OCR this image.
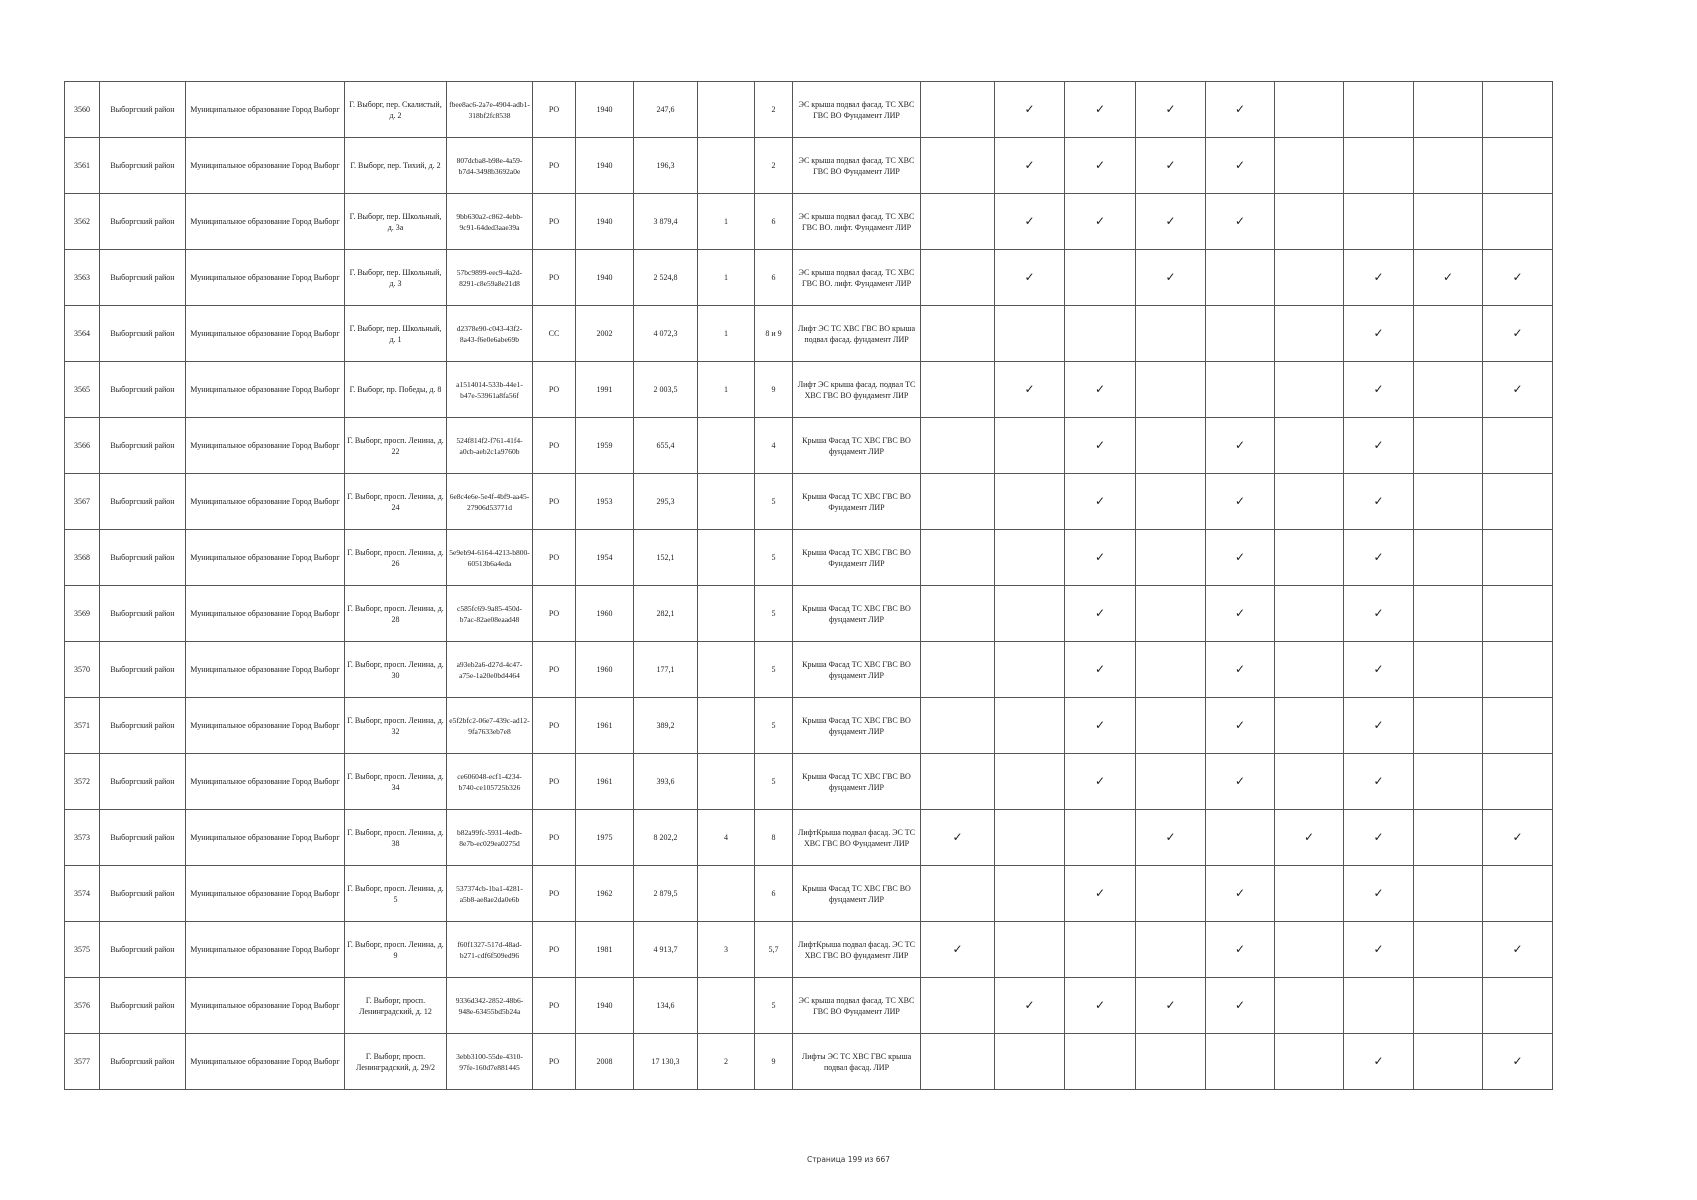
3560	Выборгский район	Муниципальное образование Город Выборг	Г. Выборг, пер. Скалистый, д. 2	fbee8ac6-2a7e-4904-adb1-318bf2fc8538	РО	1940	247,6		2	ЭС крыша подвал фасад. ТС ХВС ГВС ВО Фундамент ЛИР		✓	✓	✓	✓				
3561	Выборгский район	Муниципальное образование Город Выборг	Г. Выборг, пер. Тихий, д. 2	807dcba8-b98e-4a59-b7d4-3498b3692a0e	РО	1940	196,3		2	ЭС крыша подвал фасад. ТС ХВС ГВС ВО Фундамент ЛИР		✓	✓	✓	✓				
3562	Выборгский район	Муниципальное образование Город Выборг	Г. Выборг, пер. Школьный, д. 3а	9bb630a2-c862-4ebb-9c91-64ded3aae39a	РО	1940	3 879,4	1	6	ЭС крыша подвал фасад. ТС ХВС ГВС ВО. лифт. Фундамент ЛИР		✓	✓	✓	✓				
3563	Выборгский район	Муниципальное образование Город Выборг	Г. Выборг, пер. Школьный, д. 3	57bc9899-eec9-4a2d-8291-c8e59a8e21d8	РО	1940	2 524,8	1	6	ЭС крыша подвал фасад. ТС ХВС ГВС ВО. лифт. Фундамент ЛИР		✓		✓			✓	✓	✓
3564	Выборгский район	Муниципальное образование Город Выборг	Г. Выборг, пер. Школьный, д. 1	d2378e90-c043-43f2-8a43-f6e0e6abe69b	СС	2002	4 072,3	1	8 и 9	Лифт ЭС ТС ХВС ГВС ВО крыша подвал фасад. фундамент ЛИР							✓		✓
3565	Выборгский район	Муниципальное образование Город Выборг	Г. Выборг, пр. Победы, д. 8	a1514014-533b-44e1-b47e-53961a8fa56f	РО	1991	2 003,5	1	9	Лифт ЭС крыша фасад. подвал ТС ХВС ГВС ВО фундамент ЛИР		✓	✓				✓		✓
3566	Выборгский район	Муниципальное образование Город Выборг	Г. Выборг, просп. Ленина, д. 22	524f814f2-f761-41f4-a0cb-aeb2c1a9760b	РО	1959	655,4		4	Крыша Фасад ТС ХВС ГВС ВО фундамент ЛИР			✓		✓		✓		
3567	Выборгский район	Муниципальное образование Город Выборг	Г. Выборг, просп. Ленина, д. 24	6e8c4e6e-5e4f-4bf9-aa45-27906d53771d	РО	1953	295,3		5	Крыша Фасад ТС ХВС ГВС ВО Фундамент ЛИР			✓		✓		✓		
3568	Выборгский район	Муниципальное образование Город Выборг	Г. Выборг, просп. Ленина, д. 26	5e9eb94-6164-4213-b800-60513b6a4eda	РО	1954	152,1		5	Крыша Фасад ТС ХВС ГВС ВО Фундамент ЛИР			✓		✓		✓		
3569	Выборгский район	Муниципальное образование Город Выборг	Г. Выборг, просп. Ленина, д. 28	c585fc69-9a85-450d-b7ac-82ae08eaad48	РО	1960	282,1		5	Крыша Фасад ТС ХВС ГВС ВО фундамент ЛИР			✓		✓		✓		
3570	Выборгский район	Муниципальное образование Город Выборг	Г. Выборг, просп. Ленина, д. 30	a93eb2a6-d27d-4c47-a75e-1a20e0bd4464	РО	1960	177,1		5	Крыша Фасад ТС ХВС ГВС ВО фундамент ЛИР			✓		✓		✓		
3571	Выборгский район	Муниципальное образование Город Выборг	Г. Выборг, просп. Ленина, д. 32	e5f2bfc2-06e7-439c-ad12-9fa7633eb7e8	РО	1961	389,2		5	Крыша Фасад ТС ХВС ГВС ВО фундамент ЛИР			✓		✓		✓		
3572	Выборгский район	Муниципальное образование Город Выборг	Г. Выборг, просп. Ленина, д. 34	ce606048-ecf1-4234-b740-ce105725b326	РО	1961	393,6		5	Крыша Фасад ТС ХВС ГВС ВО фундамент ЛИР			✓		✓		✓		
3573	Выборгский район	Муниципальное образование Город Выборг	Г. Выборг, просп. Ленина, д. 38	b82a99fc-5931-4edb-8e7b-ec029ea0275d	РО	1975	8 202,2	4	8	ЛифтКрыша подвал фасад. ЭС ТС ХВС ГВС ВО Фундамент ЛИР	✓			✓		✓	✓		✓
3574	Выборгский район	Муниципальное образование Город Выборг	Г. Выборг, просп. Ленина, д. 5	537374cb-1ba1-4281-a5b8-ae8ae2da0e6b	РО	1962	2 879,5		6	Крыша Фасад ТС ХВС ГВС ВО фундамент ЛИР			✓		✓		✓		
3575	Выборгский район	Муниципальное образование Город Выборг	Г. Выборг, просп. Ленина, д. 9	f60f1327-517d-48ad-b271-cdf6f509ed96	РО	1981	4 913,7	3	5,7	ЛифтКрыша подвал фасад. ЭС ТС ХВС ГВС ВО фундамент ЛИР	✓				✓		✓		✓
3576	Выборгский район	Муниципальное образование Город Выборг	Г. Выборг, просп. Ленинградский, д. 12	9336d342-2852-48b6-948e-63455bd5b24a	РО	1940	134,6		5	ЭС крыша подвал фасад. ТС ХВС ГВС ВО Фундамент ЛИР		✓	✓	✓	✓				
3577	Выборгский район	Муниципальное образование Город Выборг	Г. Выборг, просп. Ленинградский, д. 29/2	3ebb3100-55de-4310-97fe-160d7e881445	РО	2008	17 130,3	2	9	Лифты ЭС ТС ХВС ГВС крыша подвал фасад. ЛИР							✓		✓
Страница 199 из 667
